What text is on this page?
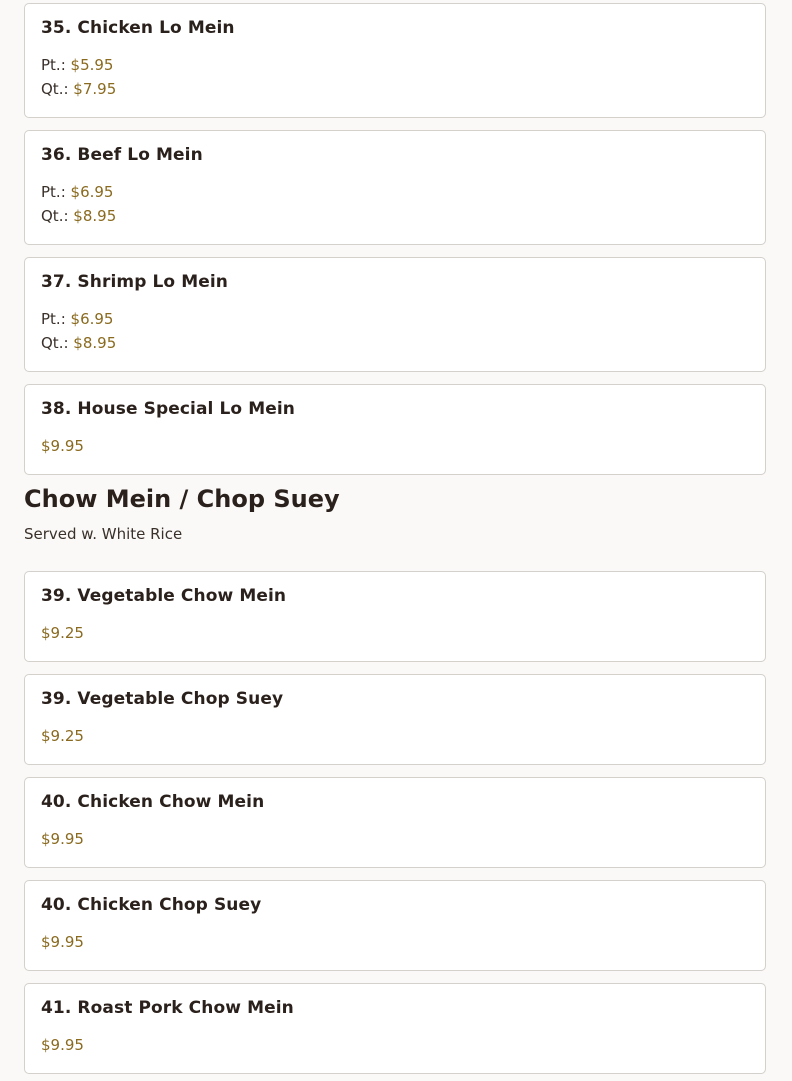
35. Chicken Lo Mein
Pt.: $5.95
Qt.: $7.95
36. Beef Lo Mein
Pt.: $6.95
Qt.: $8.95
37. Shrimp Lo Mein
Pt.: $6.95
Qt.: $8.95
38. House Special Lo Mein
$9.95
Chow Mein / Chop Suey
Served w. White Rice
39. Vegetable Chow Mein
$9.25
39. Vegetable Chop Suey
$9.25
40. Chicken Chow Mein
$9.95
40. Chicken Chop Suey
$9.95
41. Roast Pork Chow Mein
$9.95
